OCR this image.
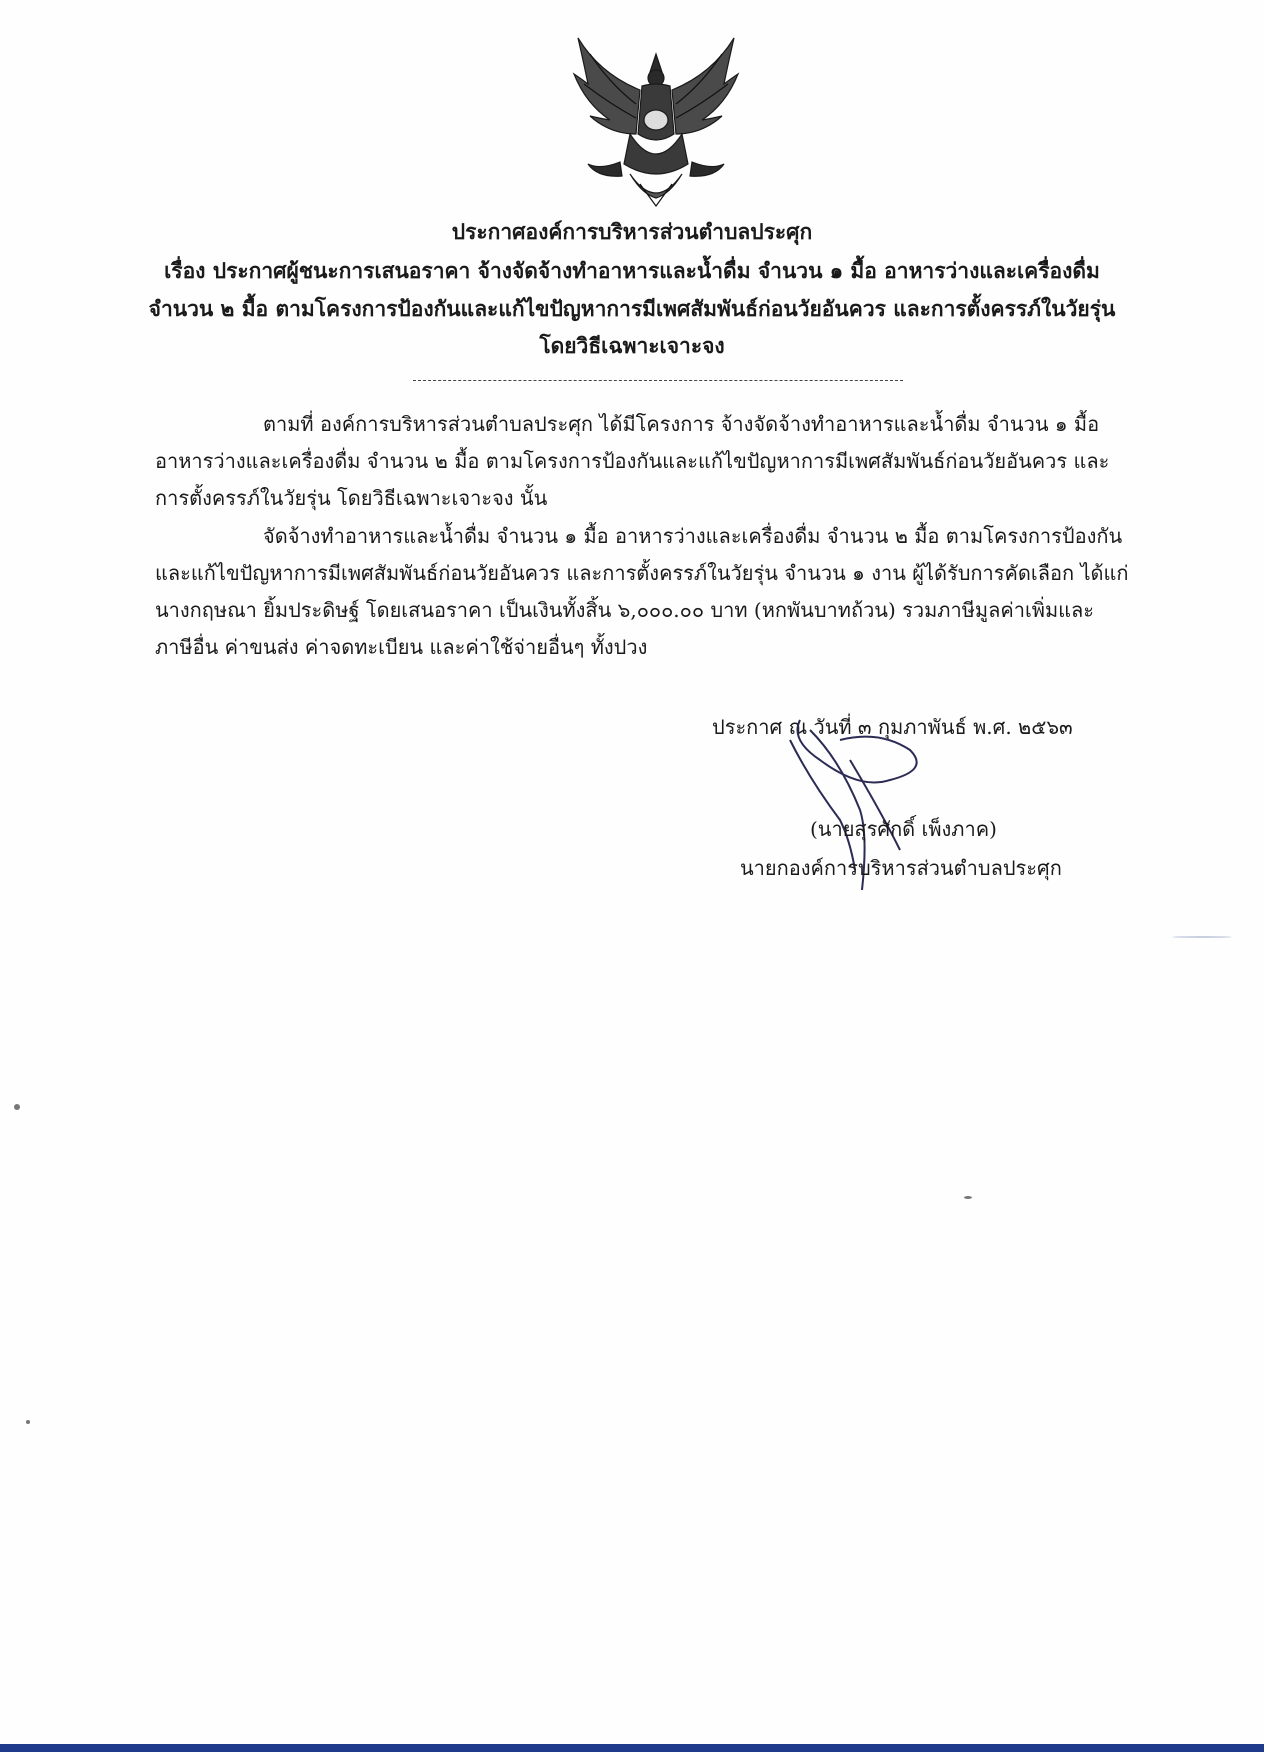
ประกาศองค์การบริหารส่วนตำบลประศุก
เรื่อง ประกาศผู้ชนะการเสนอราคา จ้างจัดจ้างทำอาหารและน้ำดื่ม จำนวน ๑ มื้อ อาหารว่างและเครื่องดื่ม
จำนวน ๒ มื้อ ตามโครงการป้องกันและแก้ไขปัญหาการมีเพศสัมพันธ์ก่อนวัยอันควร และการตั้งครรภ์ในวัยรุ่น
โดยวิธีเฉพาะเจาะจง
ตามที่ องค์การบริหารส่วนตำบลประศุก ได้มีโครงการ จ้างจัดจ้างทำอาหารและน้ำดื่ม จำนวน ๑ มื้อ
อาหารว่างและเครื่องดื่ม จำนวน ๒ มื้อ ตามโครงการป้องกันและแก้ไขปัญหาการมีเพศสัมพันธ์ก่อนวัยอันควร และ
การตั้งครรภ์ในวัยรุ่น โดยวิธีเฉพาะเจาะจง นั้น
จัดจ้างทำอาหารและน้ำดื่ม จำนวน ๑ มื้อ อาหารว่างและเครื่องดื่ม จำนวน ๒ มื้อ ตามโครงการป้องกัน
และแก้ไขปัญหาการมีเพศสัมพันธ์ก่อนวัยอันควร และการตั้งครรภ์ในวัยรุ่น จำนวน ๑ งาน ผู้ได้รับการคัดเลือก ได้แก่
นางกฤษณา ยิ้มประดิษฐ์ โดยเสนอราคา เป็นเงินทั้งสิ้น ๖,๐๐๐.๐๐ บาท (หกพันบาทถ้วน) รวมภาษีมูลค่าเพิ่มและ
ภาษีอื่น ค่าขนส่ง ค่าจดทะเบียน และค่าใช้จ่ายอื่นๆ ทั้งปวง
ประกาศ ณ วันที่ ๓ กุมภาพันธ์ พ.ศ. ๒๕๖๓
(นายสุรศักดิ์ เพ็งภาค)
นายกองค์การบริหารส่วนตำบลประศุก
